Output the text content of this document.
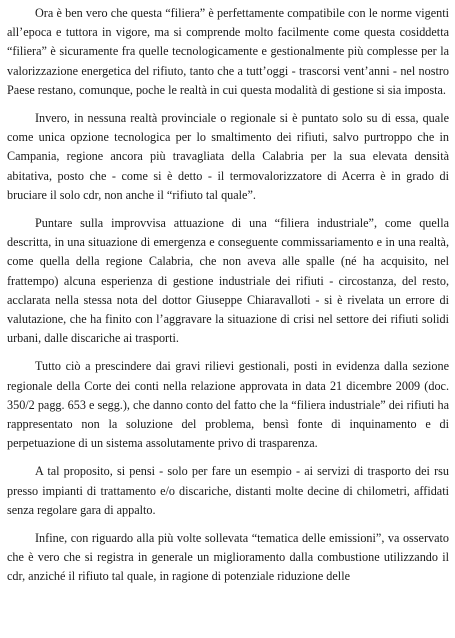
Ora è ben vero che questa “filiera” è perfettamente compatibile con le norme vigenti all’epoca e tuttora in vigore, ma si comprende molto facilmente come questa cosiddetta “filiera” è sicuramente fra quelle tecnologicamente e gestionalmente più complesse per la valorizzazione energetica del rifiuto, tanto che a tutt’oggi - trascorsi vent’anni - nel nostro Paese restano, comunque, poche le realtà in cui questa modalità di gestione si sia imposta.

Invero, in nessuna realtà provinciale o regionale si è puntato solo su di essa, quale come unica opzione tecnologica per lo smaltimento dei rifiuti, salvo purtroppo che in Campania, regione ancora più travagliata della Calabria per la sua elevata densità abitativa, posto che - come si è detto - il termovalorizzatore di Acerra è in grado di bruciare il solo cdr, non anche il “rifiuto tal quale”.

Puntare sulla improvvisa attuazione di una “filiera industriale”, come quella descritta, in una situazione di emergenza e conseguente commissariamento e in una realtà, come quella della regione Calabria, che non aveva alle spalle (né ha acquisito, nel frattempo) alcuna esperienza di gestione industriale dei rifiuti - circostanza, del resto, acclarata nella stessa nota del dottor Giuseppe Chiaravalloti - si è rivelata un errore di valutazione, che ha finito con l’aggravare la situazione di crisi nel settore dei rifiuti solidi urbani, dalle discariche ai trasporti.

Tutto ciò a prescindere dai gravi rilievi gestionali, posti in evidenza dalla sezione regionale della Corte dei conti nella relazione approvata in data 21 dicembre 2009 (doc. 350/2 pagg. 653 e segg.), che danno conto del fatto che la “filiera industriale” dei rifiuti ha rappresentato non la soluzione del problema, bensì fonte di inquinamento e di perpetuazione di un sistema assolutamente privo di trasparenza.

A tal proposito, si pensi - solo per fare un esempio - ai servizi di trasporto dei rsu presso impianti di trattamento e/o discariche, distanti molte decine di chilometri, affidati senza regolare gara di appalto.

Infine, con riguardo alla più volte sollevata “tematica delle emissioni”, va osservato che è vero che si registra in generale un miglioramento dalla combustione utilizzando il cdr, anziché il rifiuto tal quale, in ragione di potenziale riduzione delle
